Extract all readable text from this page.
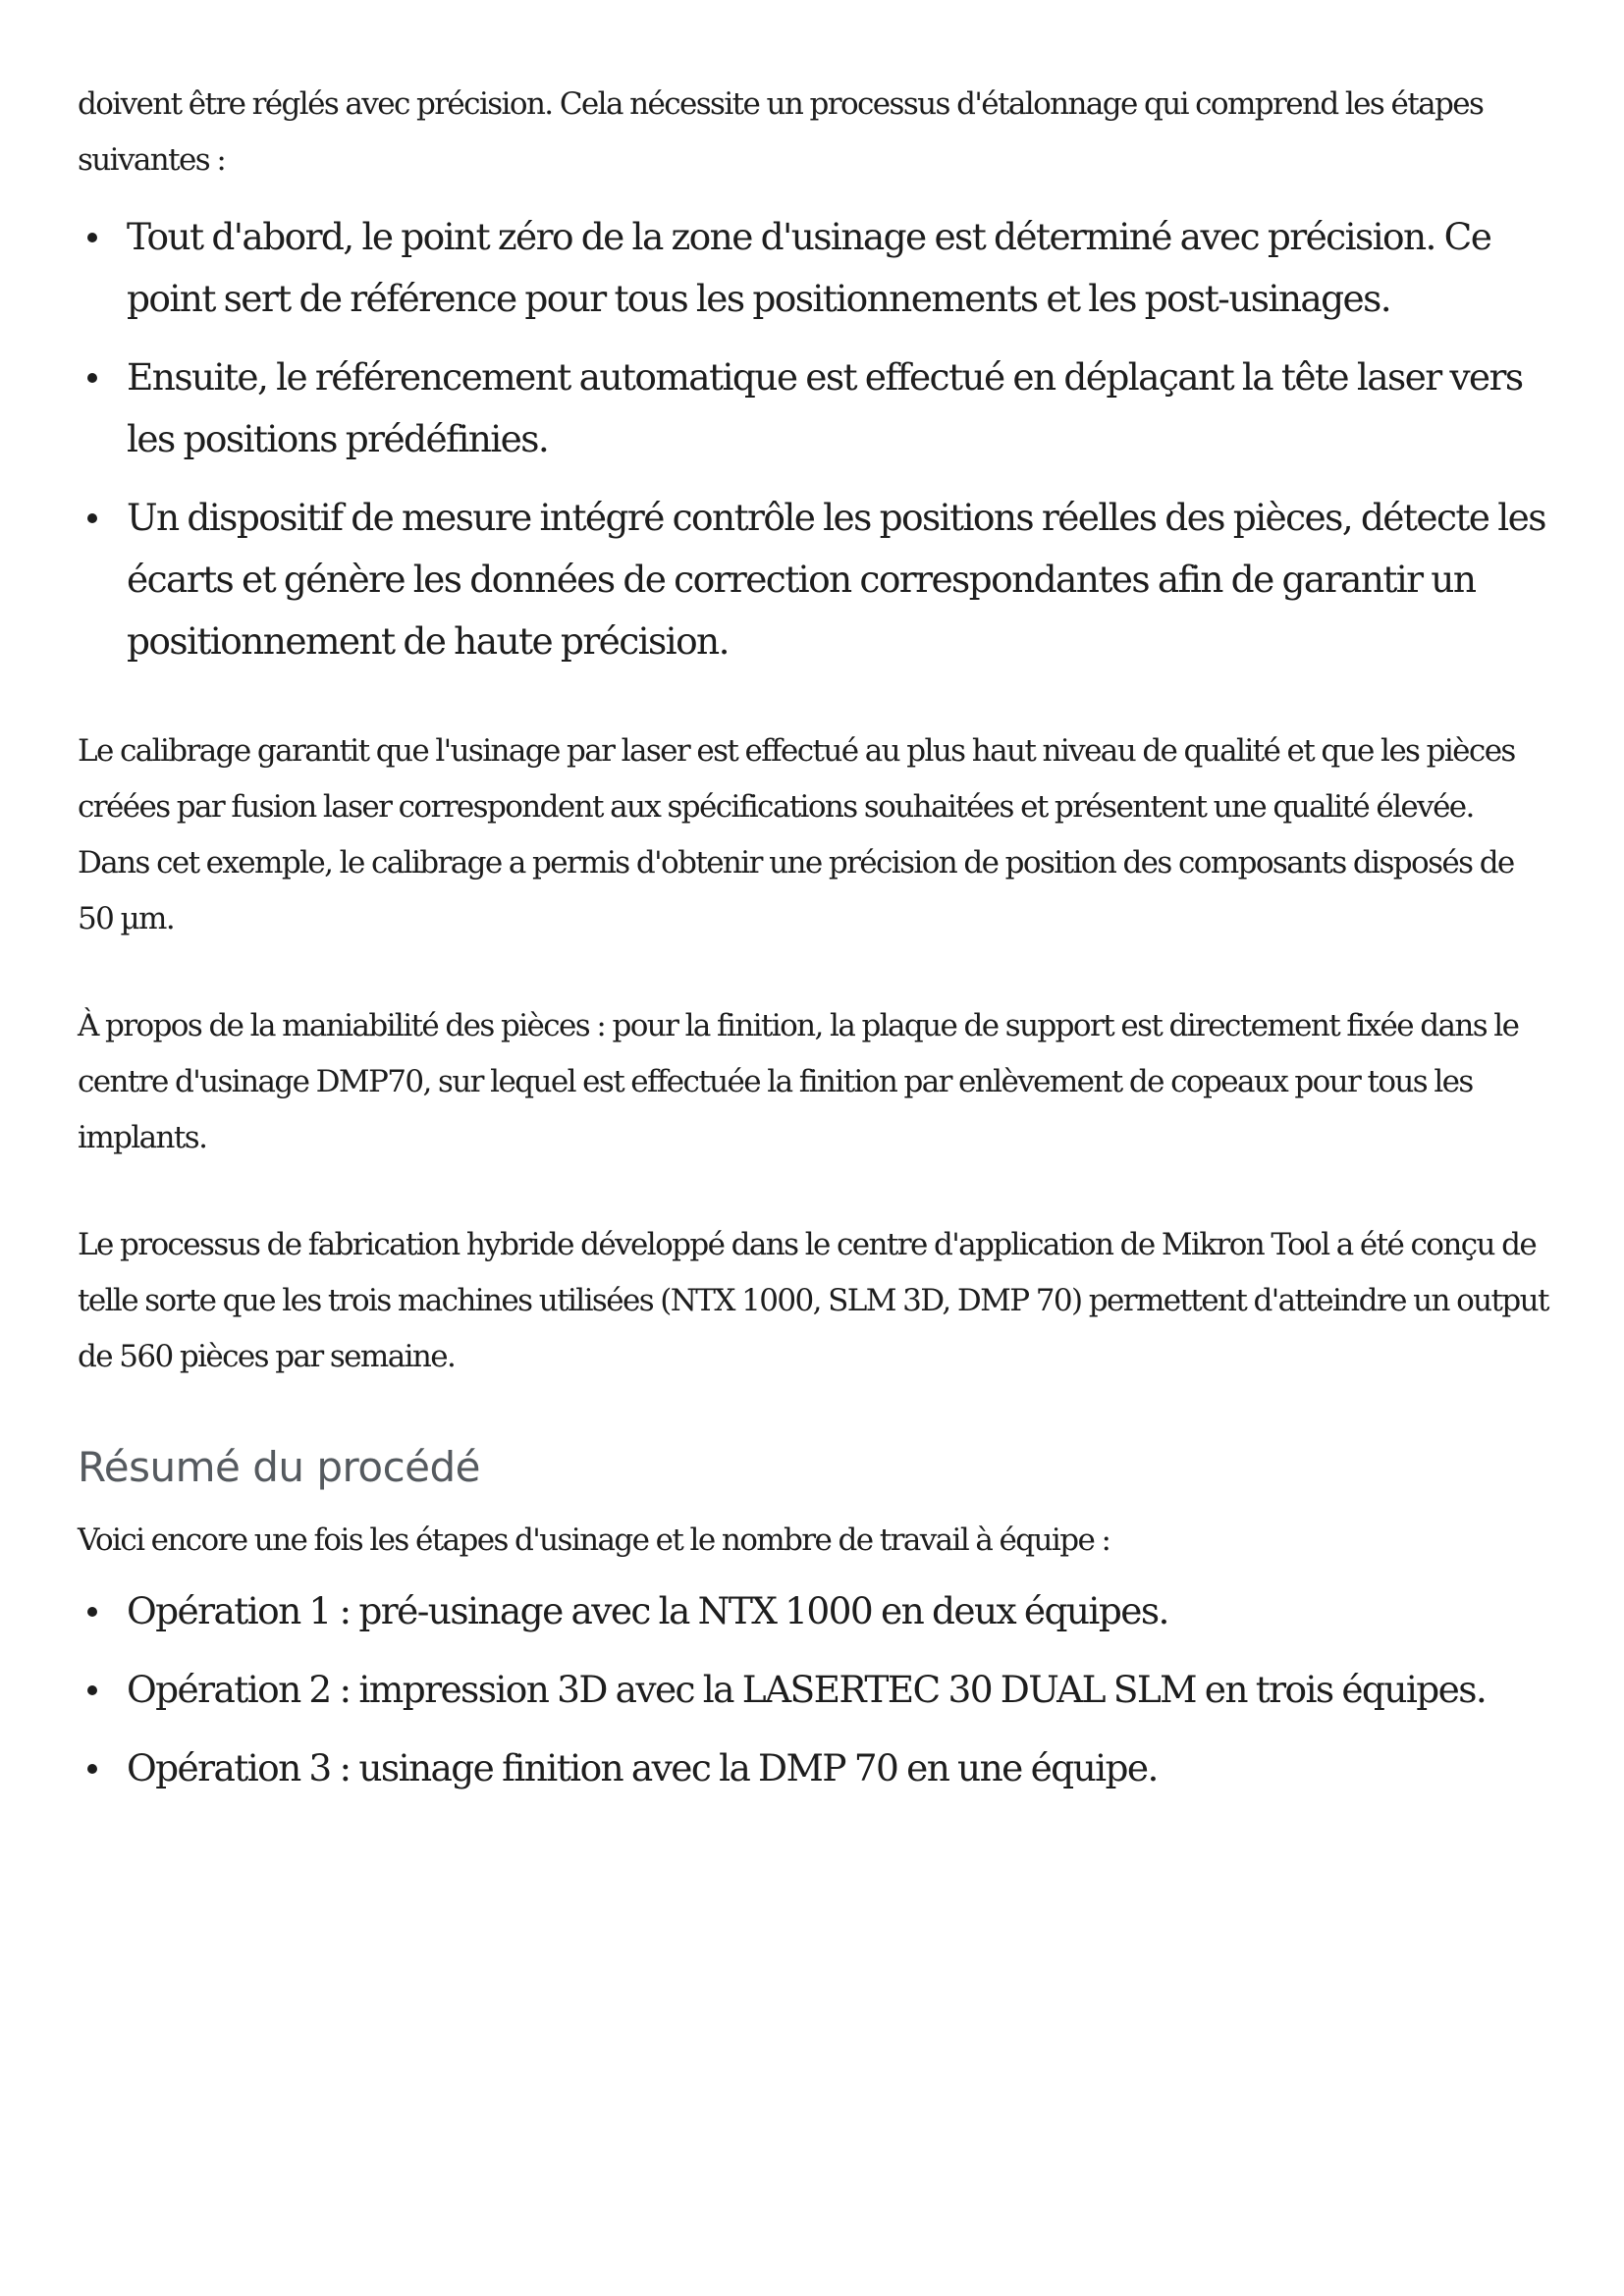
doivent être réglés avec précision. Cela nécessite un processus d'étalonnage qui comprend les étapes suivantes :

Tout d'abord, le point zéro de la zone d'usinage est déterminé avec précision. Ce point sert de référence pour tous les positionnements et les post-usinages.
Ensuite, le référencement automatique est effectué en déplaçant la tête laser vers les positions prédéfinies.
Un dispositif de mesure intégré contrôle les positions réelles des pièces, détecte les écarts et génère les données de correction correspondantes afin de garantir un positionnement de haute précision.

Le calibrage garantit que l'usinage par laser est effectué au plus haut niveau de qualité et que les pièces créées par fusion laser correspondent aux spécifications souhaitées et présentent une qualité élevée. Dans cet exemple, le calibrage a permis d'obtenir une précision de position des composants disposés de 50 µm.

À propos de la maniabilité des pièces : pour la finition, la plaque de support est directement fixée dans le centre d'usinage DMP70, sur lequel est effectuée la finition par enlèvement de copeaux pour tous les implants.

Le processus de fabrication hybride développé dans le centre d'application de Mikron Tool a été conçu de telle sorte que les trois machines utilisées (NTX 1000, SLM 3D, DMP 70) permettent d'atteindre un output de 560 pièces par semaine.

Résumé du procédé

Voici encore une fois les étapes d'usinage et le nombre de travail à équipe :

Opération 1 : pré-usinage avec la NTX 1000 en deux équipes.
Opération 2 : impression 3D avec la LASERTEC 30 DUAL SLM en trois équipes.
Opération 3 : usinage finition avec la DMP 70 en une équipe.
